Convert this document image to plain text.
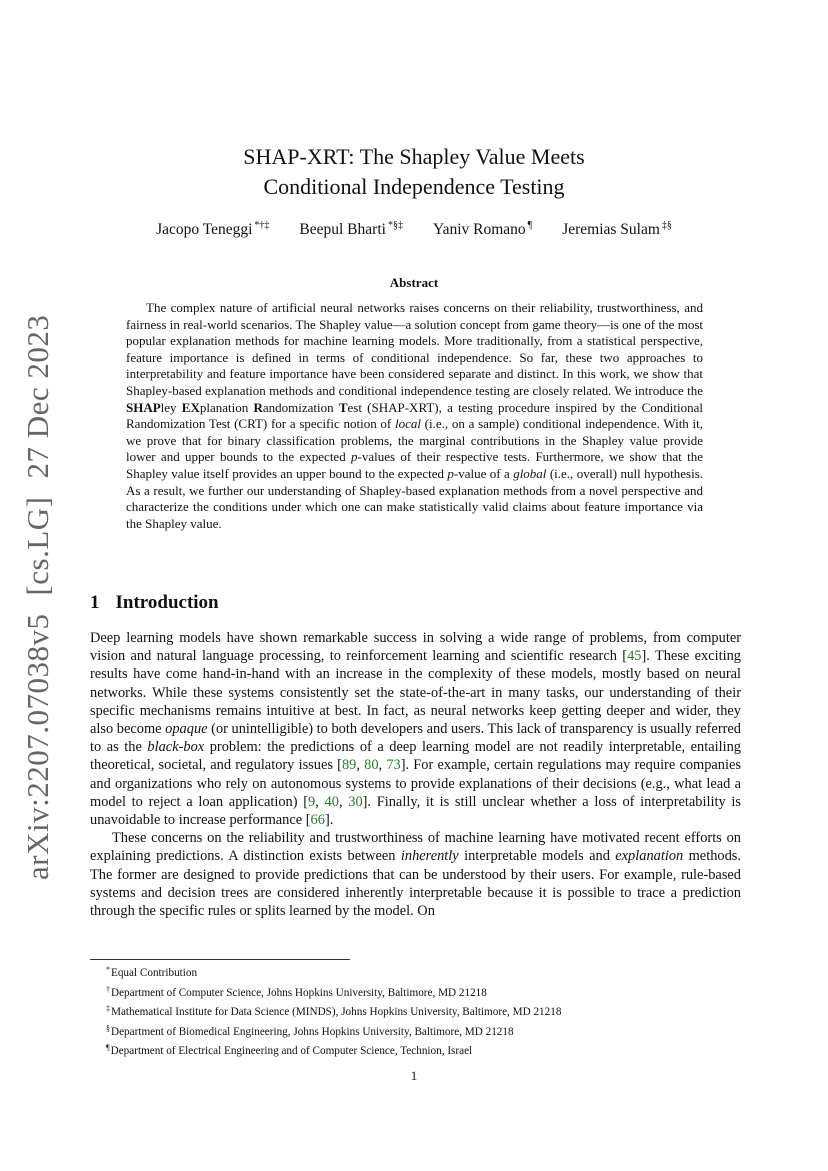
arXiv:2207.07038v5
[cs.LG]
27 Dec 2023
SHAP-XRT: The Shapley Value Meets
Conditional Independence Testing
Jacopo Teneggi *†‡ Beepul Bharti *§‡ Yaniv Romano ¶ Jeremias Sulam ‡§
Abstract
The complex nature of artificial neural networks raises concerns on their reliability, trustworthiness, and fairness in real-world scenarios. The Shapley value—a solution concept from game theory—is one of the most popular explanation methods for machine learning models. More traditionally, from a statistical perspective, feature importance is defined in terms of conditional independence. So far, these two approaches to interpretability and feature importance have been considered separate and distinct. In this work, we show that Shapley-based explanation methods and conditional independence testing are closely related. We introduce the SHAPley EXplanation Randomization Test (SHAP-XRT), a testing procedure inspired by the Conditional Randomization Test (CRT) for a specific notion of local (i.e., on a sample) conditional independence. With it, we prove that for binary classification problems, the marginal contributions in the Shapley value provide lower and upper bounds to the expected p-values of their respective tests. Furthermore, we show that the Shapley value itself provides an upper bound to the expected p-value of a global (i.e., overall) null hypothesis. As a result, we further our understanding of Shapley-based explanation methods from a novel perspective and characterize the conditions under which one can make statistically valid claims about feature importance via the Shapley value.
1 Introduction

Deep learning models have shown remarkable success in solving a wide range of problems, from computer vision and natural language processing, to reinforcement learning and scientific research [45]. These exciting results have come hand-in-hand with an increase in the complexity of these models, mostly based on neural networks. While these systems consistently set the state-of-the-art in many tasks, our understanding of their specific mechanisms remains intuitive at best. In fact, as neural networks keep getting deeper and wider, they also become opaque (or unintelligible) to both developers and users. This lack of transparency is usually referred to as the black-box problem: the predictions of a deep learning model are not readily interpretable, entailing theoretical, societal, and regulatory issues [89, 80, 73]. For example, certain regulations may require companies and organizations who rely on autonomous systems to provide explanations of their decisions (e.g., what lead a model to reject a loan application) [9, 40, 30]. Finally, it is still unclear whether a loss of interpretability is unavoidable to increase performance [66].

These concerns on the reliability and trustworthiness of machine learning have motivated recent efforts on explaining predictions. A distinction exists between inherently interpretable models and explanation methods. The former are designed to provide predictions that can be understood by their users. For example, rule-based systems and decision trees are considered inherently interpretable because it is possible to trace a prediction through the specific rules or splits learned by the model. On

*Equal Contribution
†Department of Computer Science, Johns Hopkins University, Baltimore, MD 21218
‡Mathematical Institute for Data Science (MINDS), Johns Hopkins University, Baltimore, MD 21218
§Department of Biomedical Engineering, Johns Hopkins University, Baltimore, MD 21218
¶Department of Electrical Engineering and of Computer Science, Technion, Israel
1
